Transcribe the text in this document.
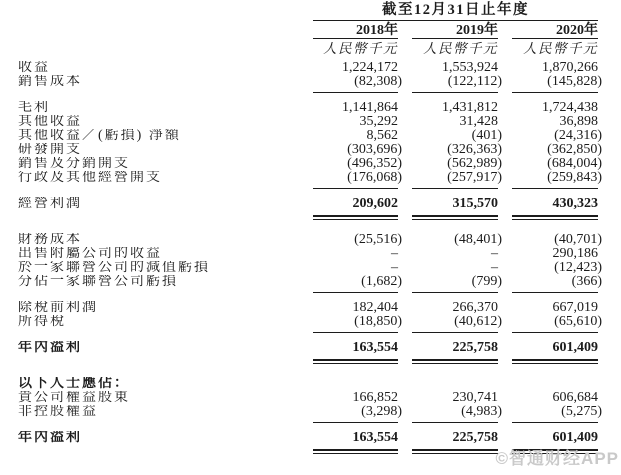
截至12月31日止年度
2018年	2019年	2020年
人民幣千元	人民幣千元	人民幣千元
收益	1,224,172	1,553,924	1,870,266
銷售成本	(82,308)	(122,112)	(145,828)
毛利	1,141,864	1,431,812	1,724,438
其他收益	35,292	31,428	36,898
其他收益／(虧損) 淨額	8,562	(401)	(24,316)
研發開支	(303,696)	(326,363)	(362,850)
銷售及分銷開支	(496,352)	(562,989)	(684,004)
行政及其他經營開支	(176,068)	(257,917)	(259,843)
經營利潤	209,602	315,570	430,323
財務成本	(25,516)	(48,401)	(40,701)
出售附屬公司的收益	–	–	290,186
於一家聯營公司的減值虧損	–	–	(12,423)
分佔一家聯營公司虧損	(1,682)	(799)	(366)
除稅前利潤	182,404	266,370	667,019
所得稅	(18,850)	(40,612)	(65,610)
年內溢利	163,554	225,758	601,409
以下人士應佔：
貴公司權益股東	166,852	230,741	606,684
非控股權益	(3,298)	(4,983)	(5,275)
年內溢利	163,554	225,758	601,409
©智通财经APP
